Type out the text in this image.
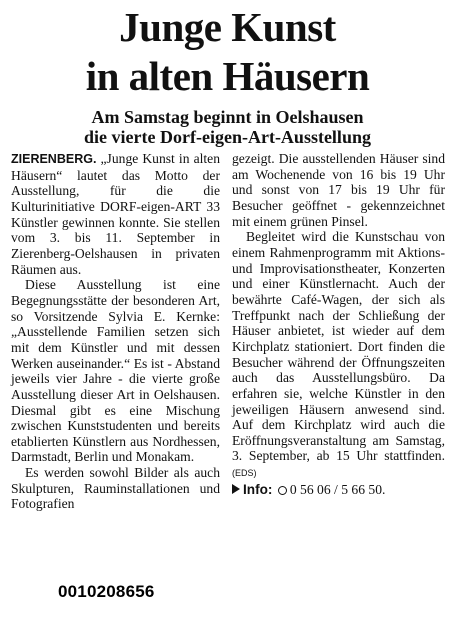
Junge Kunst
in alten Häusern
Am Samstag beginnt in Oelshausen
die vierte Dorf-eigen-Art-Ausstellung

ZIERENBERG. „Junge Kunst in alten Häusern“ lautet das Motto der Ausstellung, für die die Kulturinitiative DORF-eigen-ART 33 Künstler gewinnen konnte. Sie stellen vom 3. bis 11. September in Zierenberg-Oelshausen in privaten Räumen aus.

Diese Ausstellung ist eine Begegnungsstätte der besonderen Art, so Vorsitzende Sylvia E. Kernke: „Ausstellende Familien setzen sich mit dem Künstler und mit dessen Werken auseinander.“ Es ist - Abstand jeweils vier Jahre - die vierte große Ausstellung dieser Art in Oelshausen. Diesmal gibt es eine Mischung zwischen Kunststudenten und bereits etablierten Künstlern aus Nordhessen, Darmstadt, Berlin und Monakam.

Es werden sowohl Bilder als auch Skulpturen, Rauminstallationen und Fotografien

gezeigt. Die ausstellenden Häuser sind am Wochenende von 16 bis 19 Uhr und sonst von 17 bis 19 Uhr für Besucher geöffnet - gekennzeichnet mit einem grünen Pinsel.

Begleitet wird die Kunstschau von einem Rahmenprogramm mit Aktions- und Improvisationstheater, Konzerten und einer Künstlernacht. Auch der bewährte Café-Wagen, der sich als Treffpunkt nach der Schließung der Häuser anbietet, ist wieder auf dem Kirchplatz stationiert. Dort finden die Besucher während der Öffnungszeiten auch das Ausstellungsbüro. Da erfahren sie, welche Künstler in den jeweiligen Häusern anwesend sind. Auf dem Kirchplatz wird auch die Eröffnungsveranstaltung am Samstag, 3. September, ab 15 Uhr stattfinden. (EDS)

Info: 0 56 06 / 5 66 50.

0010208656
